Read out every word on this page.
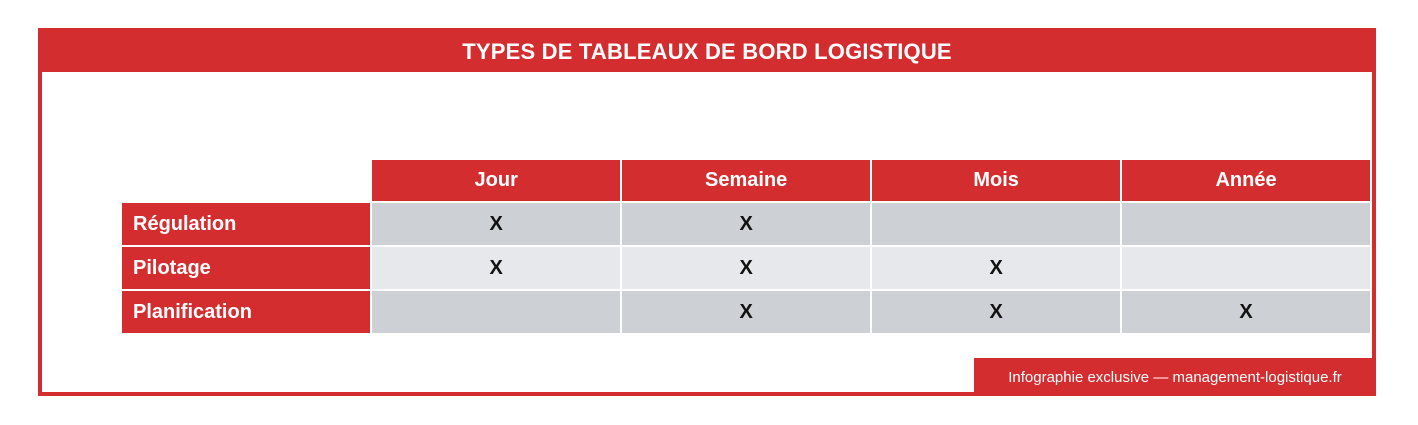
TYPES DE TABLEAUX DE BORD LOGISTIQUE
	Jour	Semaine	Mois	Année
Régulation	X	X		
Pilotage	X	X	X	
Planification		X	X	X
Infographie exclusive — management-logistique.fr
